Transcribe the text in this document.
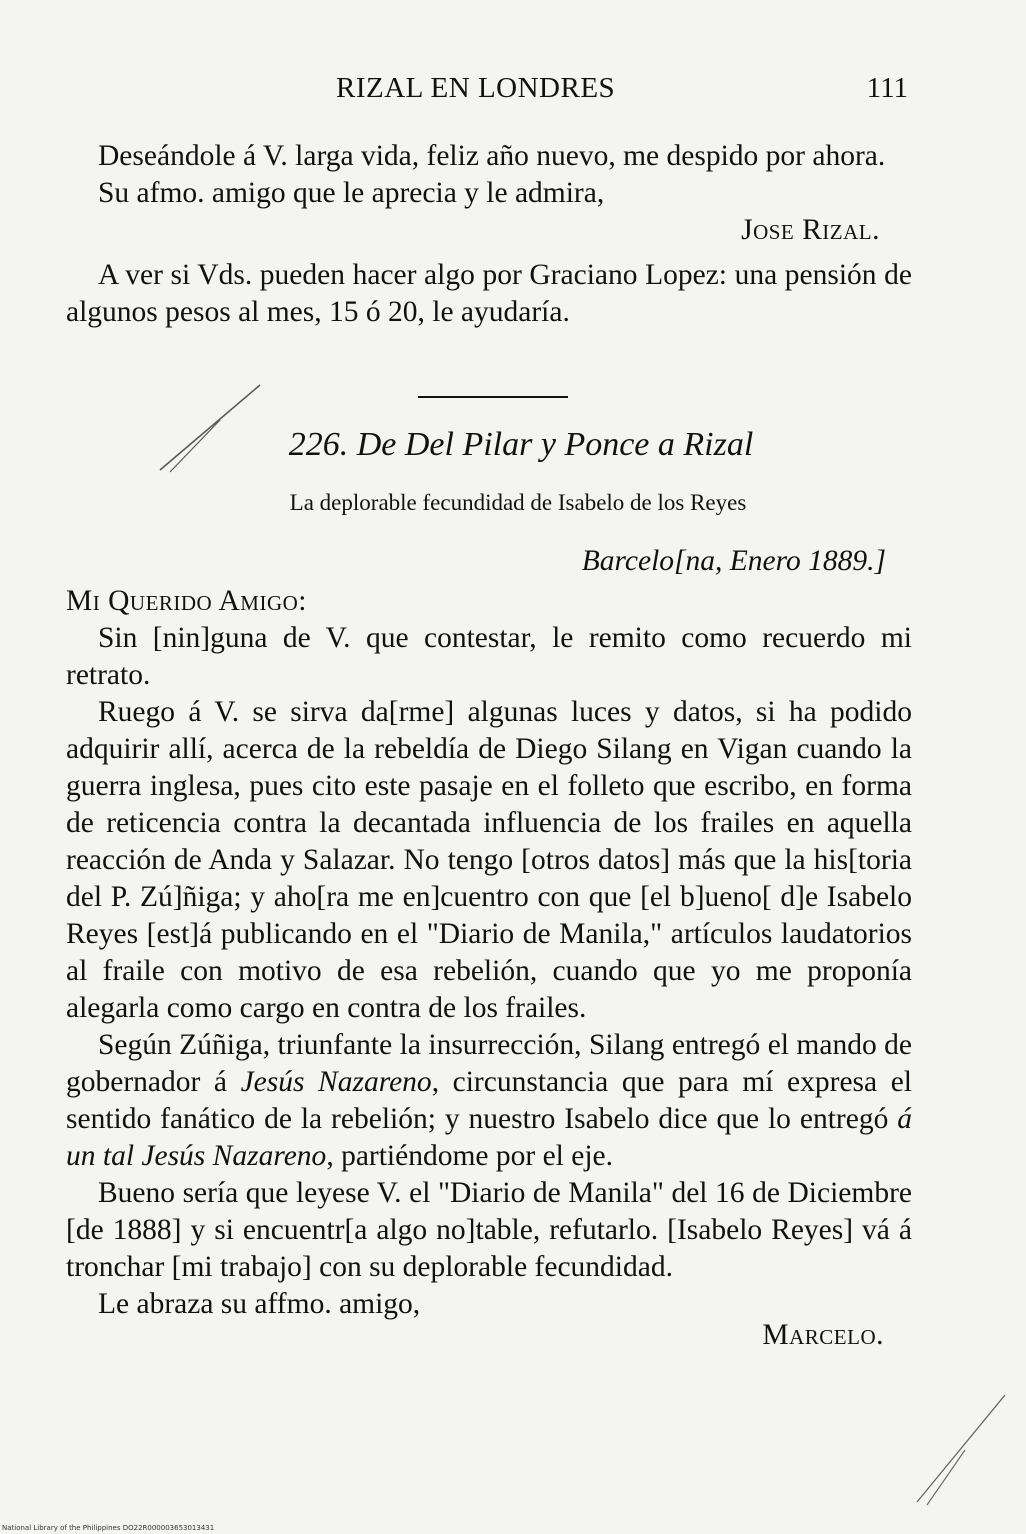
RIZAL EN LONDRES	111

Deseándole á V. larga vida, feliz año nuevo, me despido por ahora.

Su afmo. amigo que le aprecia y le admira,

Jose Rizal.

A ver si Vds. pueden hacer algo por Graciano Lopez: una pensión de algunos pesos al mes, 15 ó 20, le ayudaría.

226. De Del Pilar y Ponce a Rizal
La deplorable fecundidad de Isabelo de los Reyes
Barcelo[na, Enero 1889.]

Mi Querido Amigo:

Sin [nin]guna de V. que contestar, le remito como recuerdo mi retrato.

Ruego á V. se sirva da[rme] algunas luces y datos, si ha podido adquirir allí, acerca de la rebeldía de Diego Silang en Vigan cuando la guerra inglesa, pues cito este pasaje en el folleto que escribo, en forma de reticencia contra la decantada influencia de los frailes en aquella reacción de Anda y Salazar. No tengo [otros datos] más que la his[toria del P. Zú]ñiga; y aho[ra me en]cuentro con que [el b]ueno[ d]e Isabelo Reyes [est]á publicando en el "Diario de Manila," artículos laudatorios al fraile con motivo de esa rebelión, cuando que yo me proponía alegarla como cargo en contra de los frailes.

Según Zúñiga, triunfante la insurrección, Silang entregó el mando de gobernador á Jesús Nazareno, circunstancia que para mí expresa el sentido fanático de la rebelión; y nuestro Isabelo dice que lo entregó á un tal Jesús Nazareno, partiéndome por el eje.

Bueno sería que leyese V. el "Diario de Manila" del 16 de Diciembre [de 1888] y si encuentr[a algo no]table, refutarlo. [Isabelo Reyes] vá á tronchar [mi trabajo] con su deplorable fecundidad.

Le abraza su affmo. amigo,

Marcelo.

National Library of the Philippines DO22R000003653013431
